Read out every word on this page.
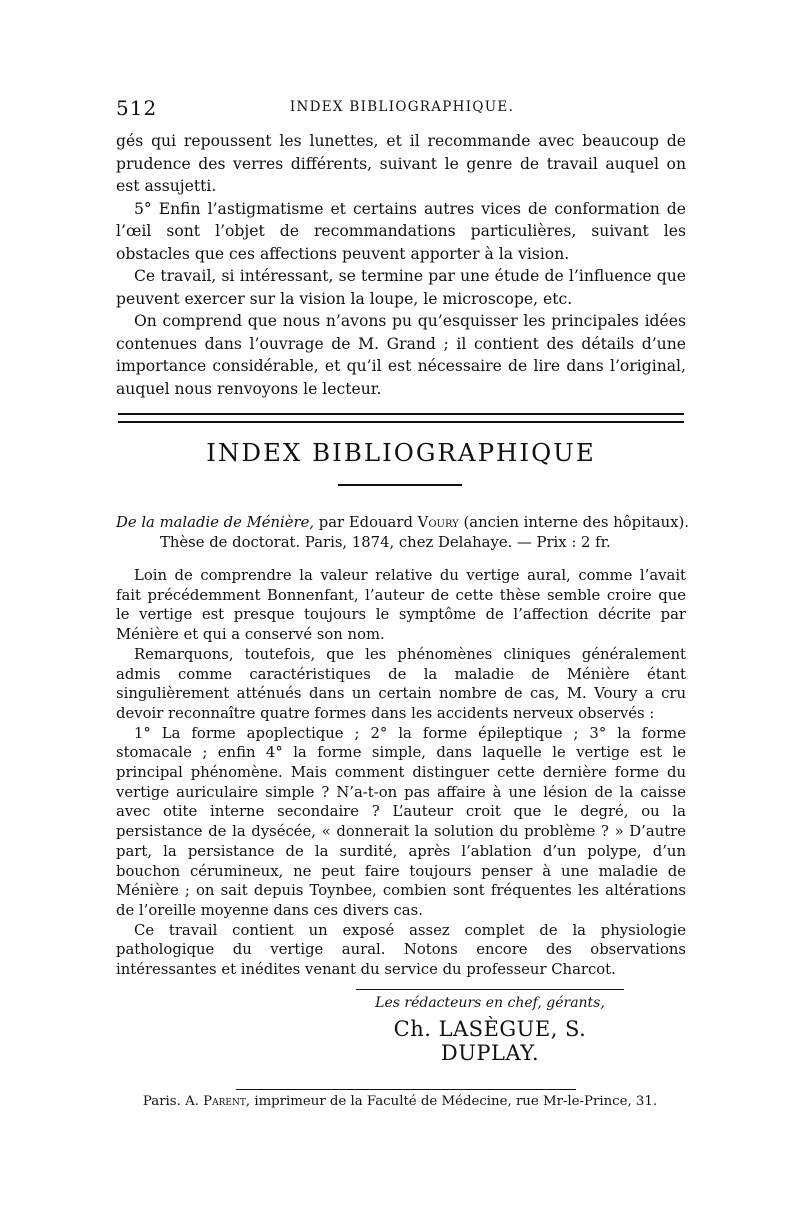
512	INDEX BIBLIOGRAPHIQUE.

gés qui repoussent les lunettes, et il recommande avec beaucoup de prudence des verres différents, suivant le genre de travail auquel on est assujetti.

5° Enfin l’astigmatisme et certains autres vices de conformation de l’œil sont l’objet de recommandations particulières, suivant les obstacles que ces affections peuvent apporter à la vision.

Ce travail, si intéressant, se termine par une étude de l’influence que peuvent exercer sur la vision la loupe, le microscope, etc.

On comprend que nous n’avons pu qu’esquisser les principales idées contenues dans l’ouvrage de M. Grand ; il contient des détails d’une importance considérable, et qu’il est nécessaire de lire dans l’original, auquel nous renvoyons le lecteur.

INDEX BIBLIOGRAPHIQUE

De la maladie de Ménière, par Edouard Voury (ancien interne des hôpitaux).

Thèse de doctorat. Paris, 1874, chez Delahaye. — Prix : 2 fr.

Loin de comprendre la valeur relative du vertige aural, comme l’avait fait précédemment Bonnenfant, l’auteur de cette thèse semble croire que le vertige est presque toujours le symptôme de l’affection décrite par Ménière et qui a conservé son nom.

Remarquons, toutefois, que les phénomènes cliniques généralement admis comme caractéristiques de la maladie de Ménière étant singulièrement atténués dans un certain nombre de cas, M. Voury a cru devoir reconnaître quatre formes dans les accidents nerveux observés :

1° La forme apoplectique ; 2° la forme épileptique ; 3° la forme stomacale ; enfin 4° la forme simple, dans laquelle le vertige est le principal phénomène. Mais comment distinguer cette dernière forme du vertige auriculaire simple ? N’a-t-on pas affaire à une lésion de la caisse avec otite interne secondaire ? L’auteur croit que le degré, ou la persistance de la dysécée, « donnerait la solution du problème ? » D’autre part, la persistance de la surdité, après l’ablation d’un polype, d’un bouchon cérumineux, ne peut faire toujours penser à une maladie de Ménière ; on sait depuis Toynbee, combien sont fréquentes les altérations de l’oreille moyenne dans ces divers cas.

Ce travail contient un exposé assez complet de la physiologie pathologique du vertige aural. Notons encore des observations intéressantes et inédites venant du service du professeur Charcot.

Les rédacteurs en chef, gérants,
Ch. LASÈGUE, S. DUPLAY.
Paris. A. Parent, imprimeur de la Faculté de Médecine, rue Mr-le-Prince, 31.
